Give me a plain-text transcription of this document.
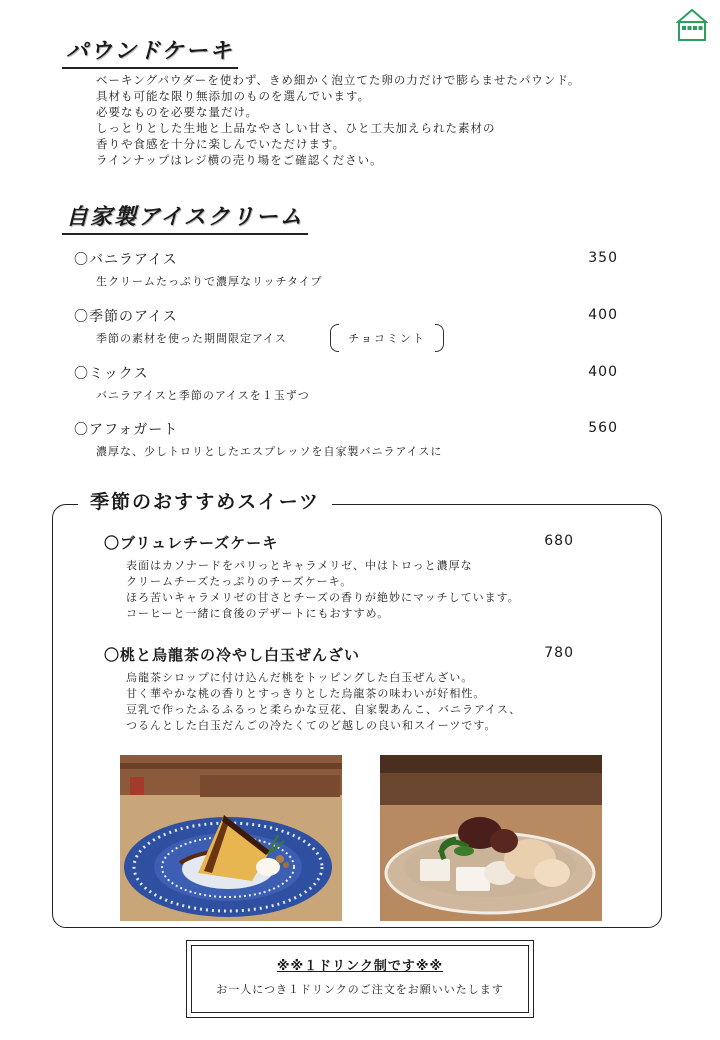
パウンドケーキ
ベーキングパウダーを使わず、きめ細かく泡立てた卵の力だけで膨らませたパウンド。
具材も可能な限り無添加のものを選んでいます。
必要なものを必要な量だけ。
しっとりとした生地と上品なやさしい甘さ、ひと工夫加えられた素材の
香りや食感を十分に楽しんでいただけます。
ラインナップはレジ横の売り場をご確認ください。
自家製アイスクリーム
〇バニラアイス	350
生クリームたっぷりで濃厚なリッチタイプ
〇季節のアイス	400
季節の素材を使った期間限定アイス	チョコミント
〇ミックス	400
バニラアイスと季節のアイスを１玉ずつ
〇アフォガート	560
濃厚な、少しトロリとしたエスプレッソを自家製バニラアイスに
季節のおすすめスイーツ
〇ブリュレチーズケーキ	680
表面はカソナードをパリっとキャラメリゼ、中はトロっと濃厚な
クリームチーズたっぷりのチーズケーキ。
ほろ苦いキャラメリゼの甘さとチーズの香りが絶妙にマッチしています。
コーヒーと一緒に食後のデザートにもおすすめ。
〇桃と烏龍茶の冷やし白玉ぜんざい	780
烏龍茶シロップに付け込んだ桃をトッピングした白玉ぜんざい。
甘く華やかな桃の香りとすっきりとした烏龍茶の味わいが好相性。
豆乳で作ったふるふるっと柔らかな豆花、自家製あんこ、バニラアイス、
つるんとした白玉だんごの冷たくてのど越しの良い和スイーツです。
※※１ドリンク制です※※
お一人につき１ドリンクのご注文をお願いいたします
